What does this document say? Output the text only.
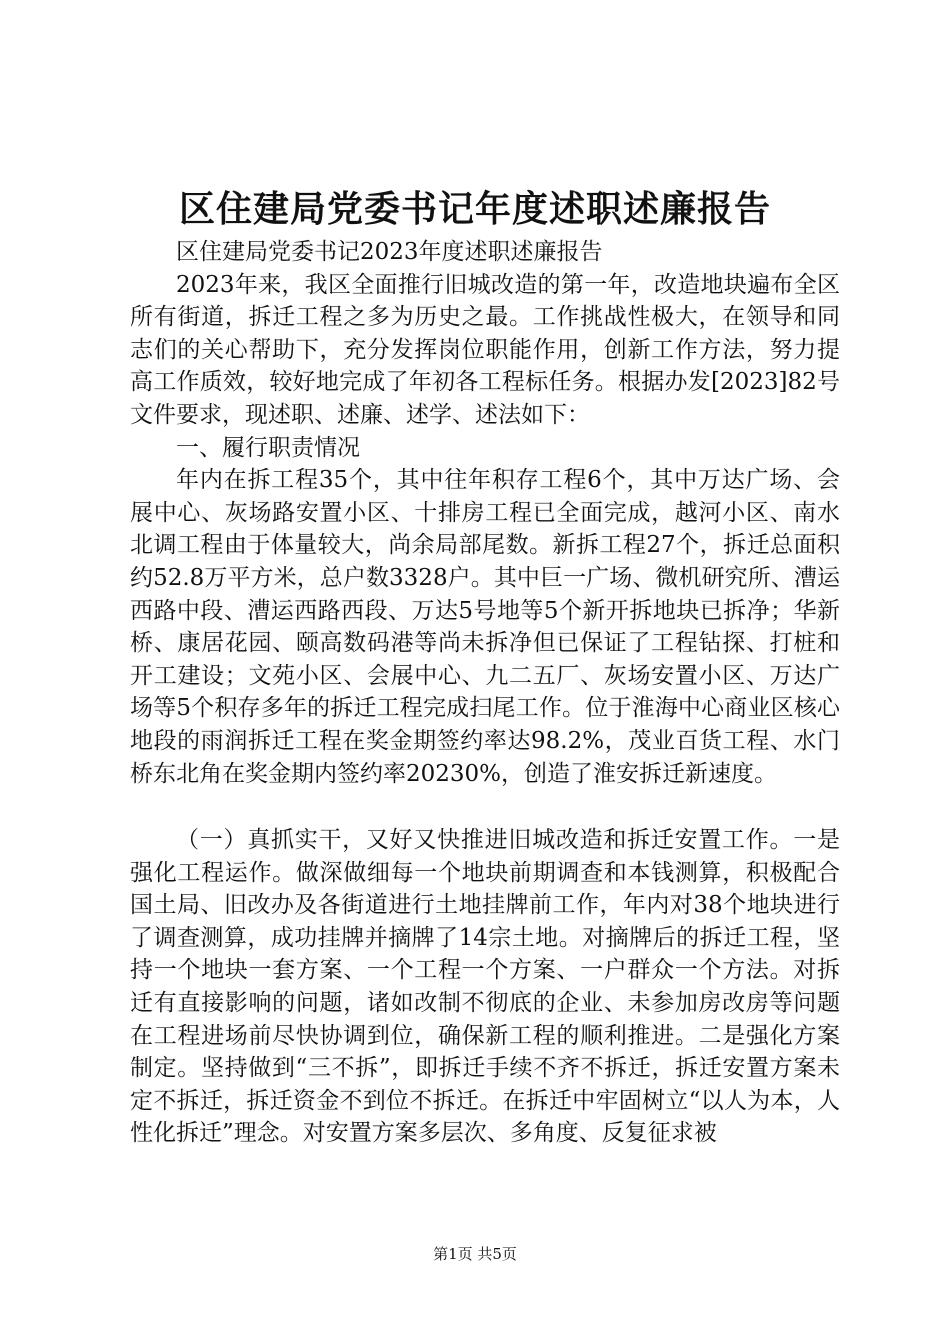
区住建局党委书记年度述职述廉报告

区住建局党委书记2023年度述职述廉报告

2023年来，我区全面推行旧城改造的第一年，改造地块遍布全区所有街道，拆迁工程之多为历史之最。工作挑战性极大，在领导和同志们的关心帮助下，充分发挥岗位职能作用，创新工作方法，努力提高工作质效，较好地完成了年初各工程标任务。根据办发[2023]82号文件要求，现述职、述廉、述学、述法如下：

一、履行职责情况

年内在拆工程35个，其中往年积存工程6个，其中万达广场、会展中心、灰场路安置小区、十排房工程已全面完成，越河小区、南水北调工程由于体量较大，尚余局部尾数。新拆工程27个，拆迁总面积约52.8万平方米，总户数3328户。其中巨一广场、微机研究所、漕运西路中段、漕运西路西段、万达5号地等5个新开拆地块已拆净；华新桥、康居花园、颐高数码港等尚未拆净但已保证了工程钻探、打桩和开工建设；文苑小区、会展中心、九二五厂、灰场安置小区、万达广场等5个积存多年的拆迁工程完成扫尾工作。位于淮海中心商业区核心地段的雨润拆迁工程在奖金期签约率达98.2%，茂业百货工程、水门桥东北角在奖金期内签约率20230%，创造了淮安拆迁新速度。

（一）真抓实干，又好又快推进旧城改造和拆迁安置工作。一是强化工程运作。做深做细每一个地块前期调查和本钱测算，积极配合国土局、旧改办及各街道进行土地挂牌前工作，年内对38个地块进行了调查测算，成功挂牌并摘牌了14宗土地。对摘牌后的拆迁工程，坚持一个地块一套方案、一个工程一个方案、一户群众一个方法。对拆迁有直接影响的问题，诸如改制不彻底的企业、未参加房改房等问题在工程进场前尽快协调到位，确保新工程的顺利推进。二是强化方案制定。坚持做到“三不拆”，即拆迁手续不齐不拆迁，拆迁安置方案未定不拆迁，拆迁资金不到位不拆迁。在拆迁中牢固树立“以人为本，人性化拆迁”理念。对安置方案多层次、多角度、反复征求被

第1页 共5页
